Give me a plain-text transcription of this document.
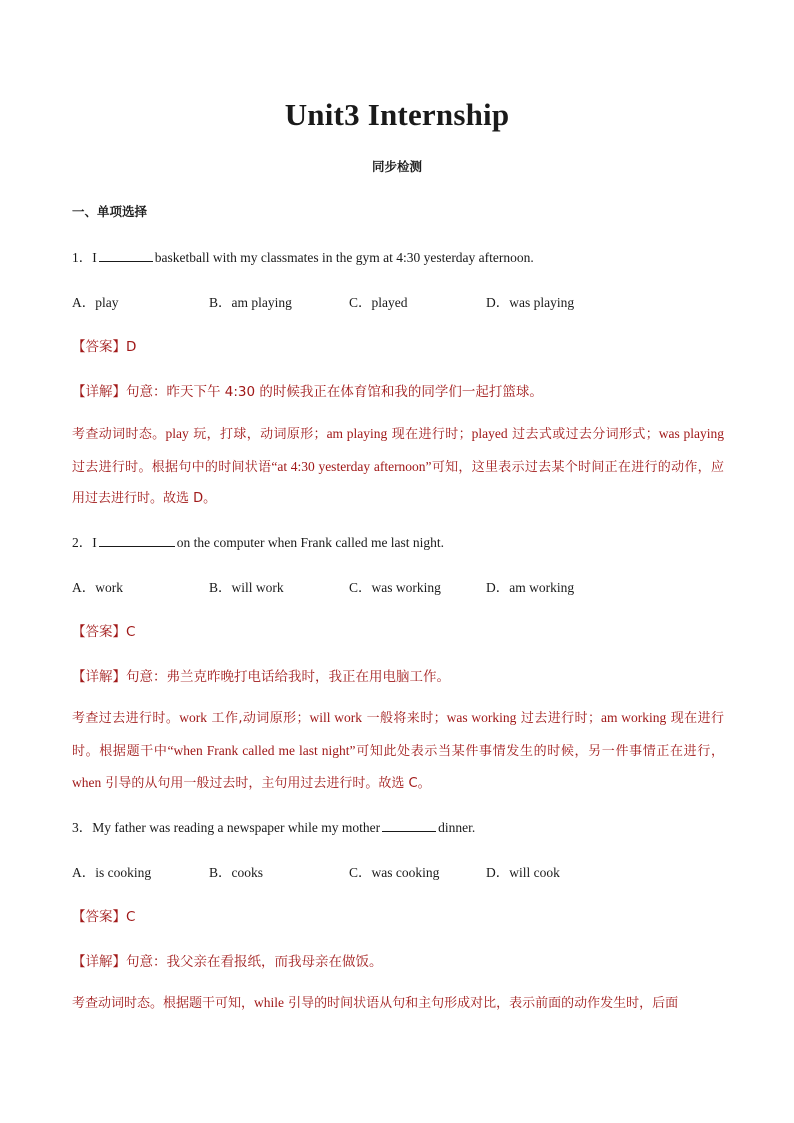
Unit3 Internship
同步检测
一、单项选择
1．I	basketball with my classmates in the gym at 4:30 yesterday afternoon.
A．play	B．am playing	C．played	D．was playing
【答案】D
【详解】句意：昨天下午 4:30 的时候我正在体育馆和我的同学们一起打篮球。
考查动词时态。play 玩，打球，动词原形；am playing 现在进行时；played 过去式或过去分词形式；was playing 过去进行时。根据句中的时间状语“at 4:30 yesterday afternoon”可知，这里表示过去某个时间正在进行的动作，应用过去进行时。故选 D。
2．I	on the computer when Frank called me last night.
A．work	B．will work	C．was working	D．am working
【答案】C
【详解】句意：弗兰克昨晚打电话给我时，我正在用电脑工作。
考查过去进行时。work 工作,动词原形；will work 一般将来时；was working 过去进行时；am working 现在进行时。根据题干中“when Frank called me last night”可知此处表示当某件事情发生的时候，另一件事情正在进行，when 引导的从句用一般过去时，主句用过去进行时。故选 C。
3．My father was reading a newspaper while my mother	dinner.
A．is cooking	B．cooks	C．was cooking	D．will cook
【答案】C
【详解】句意：我父亲在看报纸，而我母亲在做饭。
考查动词时态。根据题干可知，while 引导的时间状语从句和主句形成对比，表示前面的动作发生时，后面
